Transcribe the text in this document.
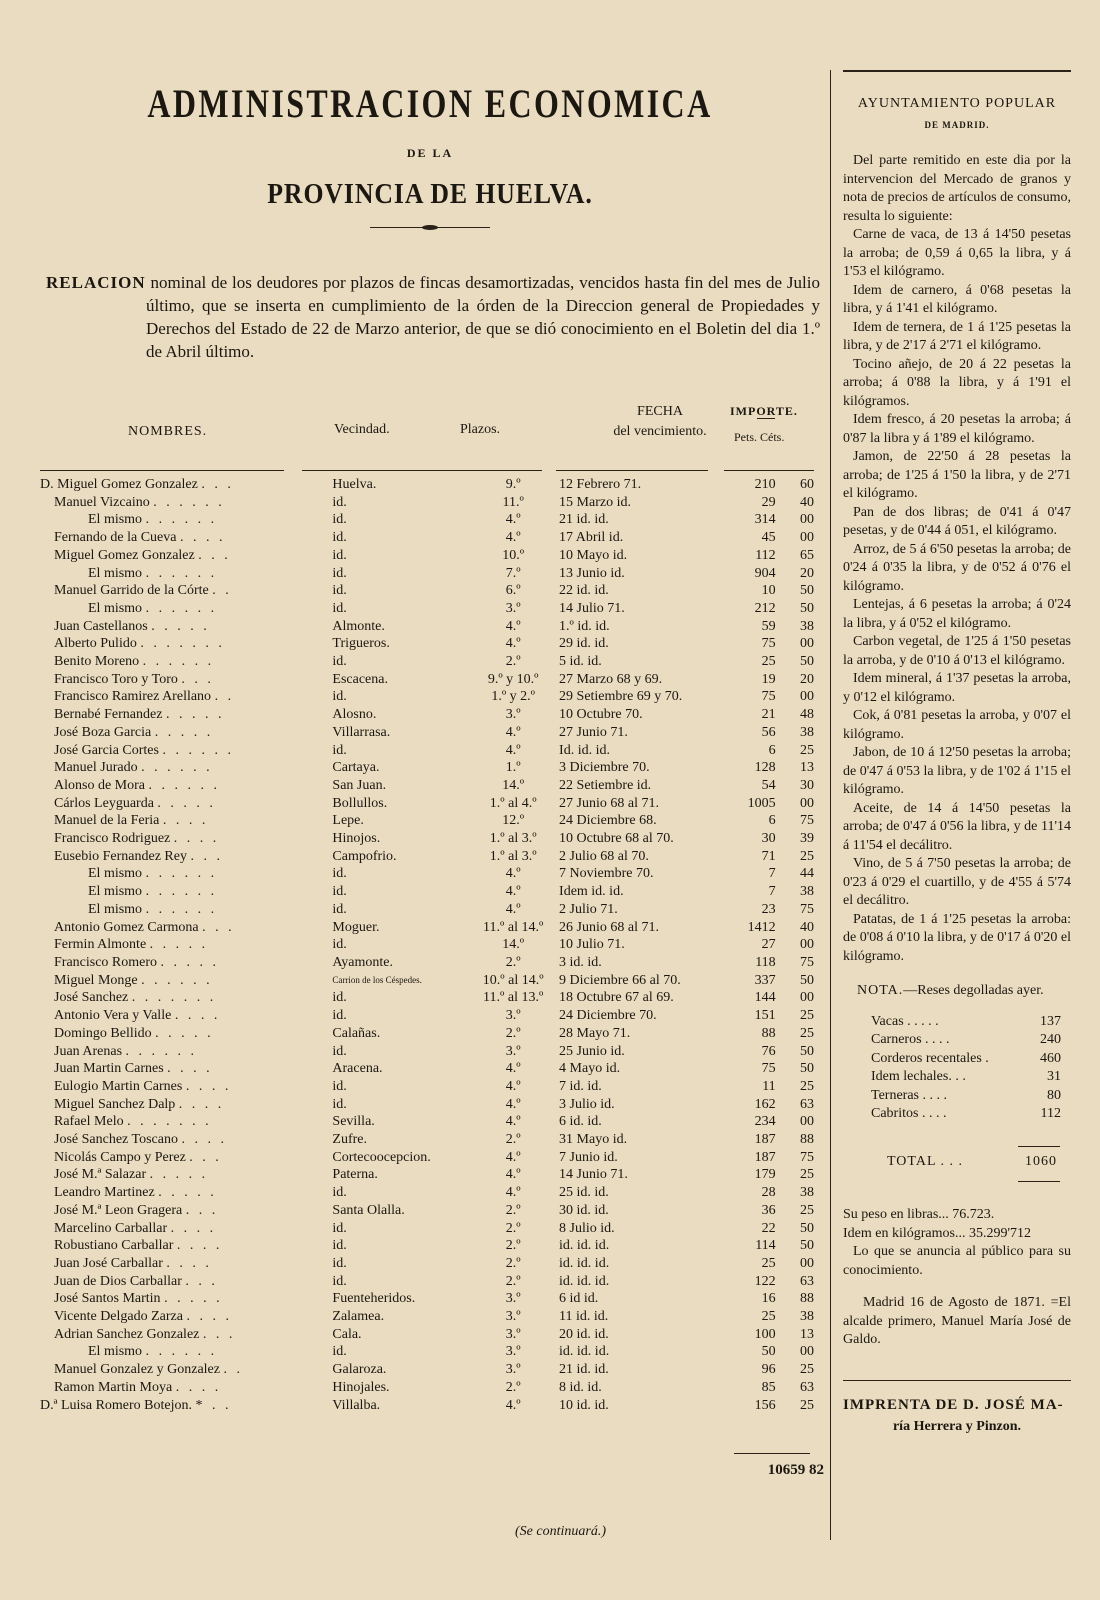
ADMINISTRACION ECONOMICA
DE LA
PROVINCIA DE HUELVA.
RELACION nominal de los deudores por plazos de fincas desamortizadas, vencidos hasta fin del mes de Julio último, que se inserta en cumplimiento de la órden de la Direccion general de Propiedades y Derechos del Estado de 22 de Marzo anterior, de que se dió conocimiento en el Boletin del dia 1.º de Abril último.
NOMBRES.	Vecindad.	Plazos.
FECHA
del vencimiento.
IMPORTE.
Pets. Céts.
D. Miguel Gomez Gonzalez . . .	Huelva.	9.º	12 Febrero 71.	210	60
Manuel Vizcaino . . . . . .	id.	11.º	15 Marzo id.	29	40
El mismo . . . . . .	id.	4.º	21 id. id.	314	00
Fernando de la Cueva . . . .	id.	4.º	17 Abril id.	45	00
Miguel Gomez Gonzalez . . .	id.	10.º	10 Mayo id.	112	65
El mismo . . . . . .	id.	7.º	13 Junio id.	904	20
Manuel Garrido de la Córte . .	id.	6.º	22 id. id.	10	50
El mismo . . . . . .	id.	3.º	14 Julio 71.	212	50
Juan Castellanos . . . . .	Almonte.	4.º	1.º id. id.	59	38
Alberto Pulido . . . . . . .	Trigueros.	4.º	29 id. id.	75	00
Benito Moreno . . . . . .	id.	2.º	5 id. id.	25	50
Francisco Toro y Toro . . .	Escacena.	9.º y 10.º	27 Marzo 68 y 69.	19	20
Francisco Ramirez Arellano . .	id.	1.º y 2.º	29 Setiembre 69 y 70.	75	00
Bernabé Fernandez . . . . .	Alosno.	3.º	10 Octubre 70.	21	48
José Boza Garcia . . . . .	Villarrasa.	4.º	27 Junio 71.	56	38
José Garcia Cortes . . . . . .	id.	4.º	Id. id. id.	6	25
Manuel Jurado . . . . . .	Cartaya.	1.º	3 Diciembre 70.	128	13
Alonso de Mora . . . . . .	San Juan.	14.º	22 Setiembre id.	54	30
Cárlos Leyguarda . . . . .	Bollullos.	1.º al 4.º	27 Junio 68 al 71.	1005	00
Manuel de la Feria . . . .	Lepe.	12.º	24 Diciembre 68.	6	75
Francisco Rodriguez . . . .	Hinojos.	1.º al 3.º	10 Octubre 68 al 70.	30	39
Eusebio Fernandez Rey . . .	Campofrio.	1.º al 3.º	2 Julio 68 al 70.	71	25
El mismo . . . . . .	id.	4.º	7 Noviembre 70.	7	44
El mismo . . . . . .	id.	4.º	Idem id. id.	7	38
El mismo . . . . . .	id.	4.º	2 Julio 71.	23	75
Antonio Gomez Carmona . . .	Moguer.	11.º al 14.º	26 Junio 68 al 71.	1412	40
Fermin Almonte . . . . .	id.	14.º	10 Julio 71.	27	00
Francisco Romero . . . . .	Ayamonte.	2.º	3 id. id.	118	75
Miguel Monge . . . . . .	Carrion de los Céspedes.	10.º al 14.º	9 Diciembre 66 al 70.	337	50
José Sanchez . . . . . . .	id.	11.º al 13.º	18 Octubre 67 al 69.	144	00
Antonio Vera y Valle . . . .	id.	3.º	24 Diciembre 70.	151	25
Domingo Bellido . . . . .	Calañas.	2.º	28 Mayo 71.	88	25
Juan Arenas . . . . . .	id.	3.º	25 Junio id.	76	50
Juan Martin Carnes . . . .	Aracena.	4.º	4 Mayo id.	75	50
Eulogio Martin Carnes . . . .	id.	4.º	7 id. id.	11	25
Miguel Sanchez Dalp . . . .	id.	4.º	3 Julio id.	162	63
Rafael Melo . . . . . . .	Sevilla.	4.º	6 id. id.	234	00
José Sanchez Toscano . . . .	Zufre.	2.º	31 Mayo id.	187	88
Nicolás Campo y Perez . . .	Cortecoocepcion.	4.º	7 Junio id.	187	75
José M.ª Salazar . . . . .	Paterna.	4.º	14 Junio 71.	179	25
Leandro Martinez . . . . .	id.	4.º	25 id. id.	28	38
José M.ª Leon Gragera . . .	Santa Olalla.	2.º	30 id. id.	36	25
Marcelino Carballar . . . .	id.	2.º	8 Julio id.	22	50
Robustiano Carballar . . . .	id.	2.º	id. id. id.	114	50
Juan José Carballar . . . .	id.	2.º	id. id. id.	25	00
Juan de Dios Carballar . . .	id.	2.º	id. id. id.	122	63
José Santos Martin . . . . .	Fuenteheridos.	3.º	6 id id.	16	88
Vicente Delgado Zarza . . . .	Zalamea.	3.º	11 id. id.	25	38
Adrian Sanchez Gonzalez . . .	Cala.	3.º	20 id. id.	100	13
El mismo . . . . . .	id.	3.º	id. id. id.	50	00
Manuel Gonzalez y Gonzalez . .	Galaroza.	3.º	21 id. id.	96	25
Ramon Martin Moya . . . .	Hinojales.	2.º	8 id. id.	85	63
D.ª Luisa Romero Botejon. * . .	Villalba.	4.º	10 id. id.	156	25
10659 82
(Se continuará.)
AYUNTAMIENTO POPULAR
DE MADRID.

Del parte remitido en este dia por la intervencion del Mercado de granos y nota de precios de artículos de consumo, resulta lo siguiente:

Carne de vaca, de 13 á 14'50 pesetas la arroba; de 0,59 á 0,65 la libra, y á 1'53 el kilógramo.

Idem de carnero, á 0'68 pesetas la libra, y á 1'41 el kilógramo.

Idem de ternera, de 1 á 1'25 pesetas la libra, y de 2'17 á 2'71 el kilógramo.

Tocino añejo, de 20 á 22 pesetas la arroba; á 0'88 la libra, y á 1'91 el kilógramos.

Idem fresco, á 20 pesetas la arroba; á 0'87 la libra y á 1'89 el kilógramo.

Jamon, de 22'50 á 28 pesetas la arroba; de 1'25 á 1'50 la libra, y de 2'71 el kilógramo.

Pan de dos libras; de 0'41 á 0'47 pesetas, y de 0'44 á 051, el kilógramo.

Arroz, de 5 á 6'50 pesetas la arroba; de 0'24 á 0'35 la libra, y de 0'52 á 0'76 el kilógramo.

Lentejas, á 6 pesetas la arroba; á 0'24 la libra, y á 0'52 el kilógramo.

Carbon vegetal, de 1'25 á 1'50 pesetas la arroba, y de 0'10 á 0'13 el kilógramo.

Idem mineral, á 1'37 pesetas la arroba, y 0'12 el kilógramo.

Cok, á 0'81 pesetas la arroba, y 0'07 el kilógramo.

Jabon, de 10 á 12'50 pesetas la arroba; de 0'47 á 0'53 la libra, y de 1'02 á 1'15 el kilógramo.

Aceite, de 14 á 14'50 pesetas la arroba; de 0'47 á 0'56 la libra, y de 11'14 á 11'54 el decálitro.

Vino, de 5 á 7'50 pesetas la arroba; de 0'23 á 0'29 el cuartillo, y de 4'55 á 5'74 el decálitro.

Patatas, de 1 á 1'25 pesetas la arroba: de 0'08 á 0'10 la libra, y de 0'17 á 0'20 el kilógramo.

NOTA.—Reses degolladas ayer.
Vacas . . . . .	137
Carneros . . . .	240
Corderos recentales .	460
Idem lechales. . .	31
Terneras . . . .	80
Cabritos . . . .	112
TOTAL . . .	1060

Su peso en libras... 76.723.

Idem en kilógramos... 35.299'712

Lo que se anuncia al público para su conocimiento.

Madrid 16 de Agosto de 1871. =El alcalde primero, Manuel María José de Galdo.
IMPRENTA DE D. JOSÉ MA-
ría Herrera y Pinzon.
